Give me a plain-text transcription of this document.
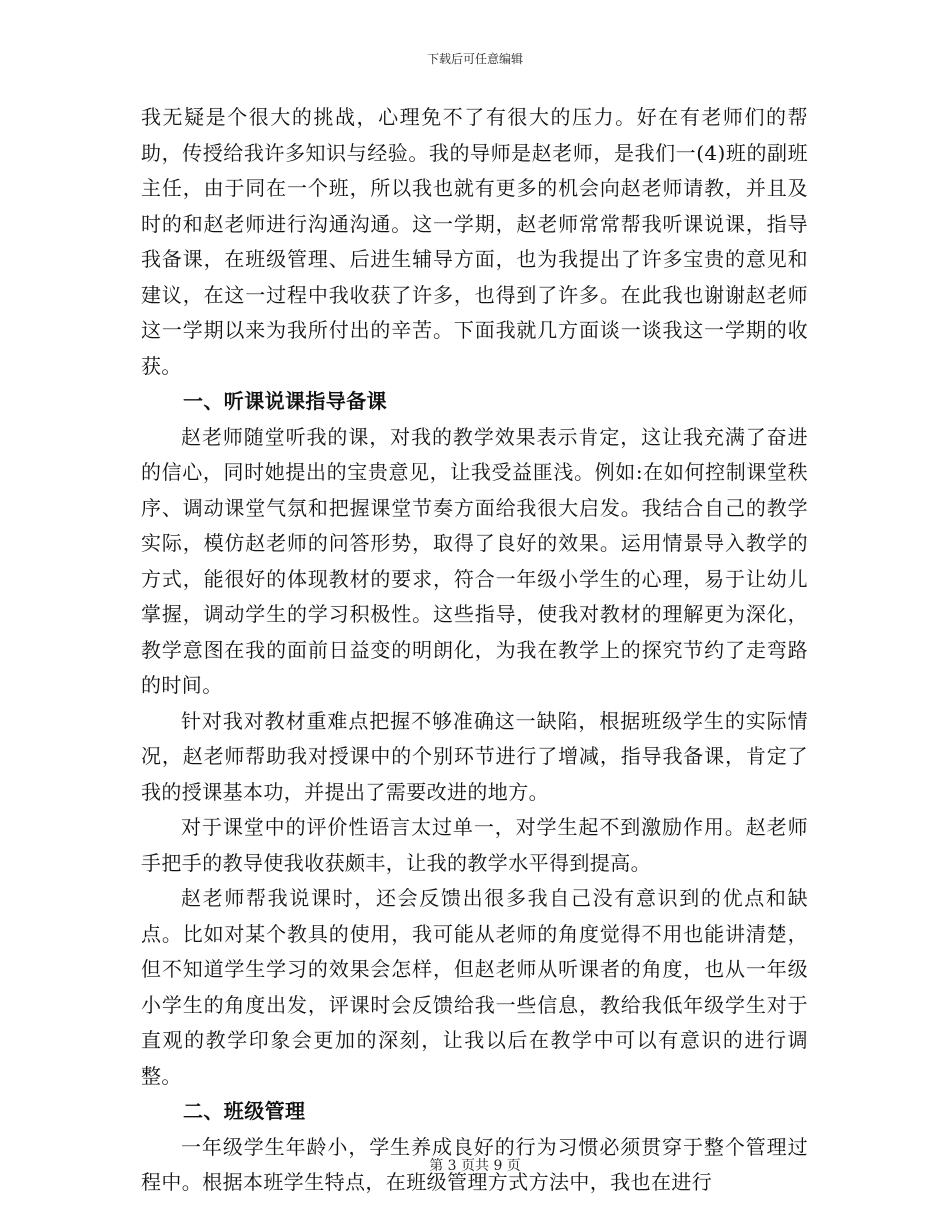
下载后可任意编辑

我无疑是个很大的挑战，心理免不了有很大的压力。好在有老师们的帮助，传授给我许多知识与经验。我的导师是赵老师，是我们一(4)班的副班主任，由于同在一个班，所以我也就有更多的机会向赵老师请教，并且及时的和赵老师进行沟通沟通。这一学期，赵老师常常帮我听课说课，指导我备课，在班级管理、后进生辅导方面，也为我提出了许多宝贵的意见和建议，在这一过程中我收获了许多，也得到了许多。在此我也谢谢赵老师这一学期以来为我所付出的辛苦。下面我就几方面谈一谈我这一学期的收获。

一、听课说课指导备课

赵老师随堂听我的课，对我的教学效果表示肯定，这让我充满了奋进的信心，同时她提出的宝贵意见，让我受益匪浅。例如:在如何控制课堂秩序、调动课堂气氛和把握课堂节奏方面给我很大启发。我结合自己的教学实际，模仿赵老师的问答形势，取得了良好的效果。运用情景导入教学的方式，能很好的体现教材的要求，符合一年级小学生的心理，易于让幼儿掌握，调动学生的学习积极性。这些指导，使我对教材的理解更为深化，教学意图在我的面前日益变的明朗化，为我在教学上的探究节约了走弯路的时间。

针对我对教材重难点把握不够准确这一缺陷，根据班级学生的实际情况，赵老师帮助我对授课中的个别环节进行了增减，指导我备课，肯定了我的授课基本功，并提出了需要改进的地方。

对于课堂中的评价性语言太过单一，对学生起不到激励作用。赵老师手把手的教导使我收获颇丰，让我的教学水平得到提高。

赵老师帮我说课时，还会反馈出很多我自己没有意识到的优点和缺点。比如对某个教具的使用，我可能从老师的角度觉得不用也能讲清楚，但不知道学生学习的效果会怎样，但赵老师从听课者的角度，也从一年级小学生的角度出发，评课时会反馈给我一些信息，教给我低年级学生对于直观的教学印象会更加的深刻，让我以后在教学中可以有意识的进行调整。

二、班级管理

一年级学生年龄小，学生养成良好的行为习惯必须贯穿于整个管理过程中。根据本班学生特点，在班级管理方式方法中，我也在进行

第 3 页共 9 页
